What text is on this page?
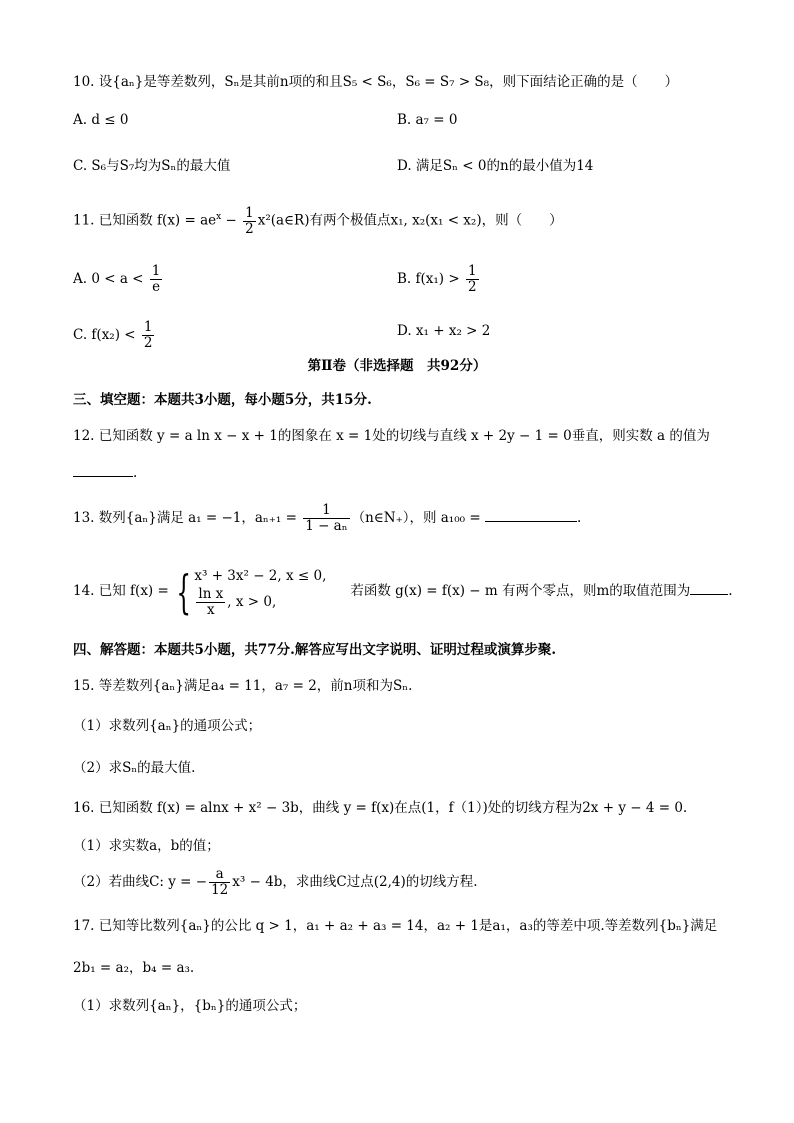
10. 设{aₙ}是等差数列，Sₙ是其前n项的和且S₅ < S₆，S₆ = S₇ > S₈，则下面结论正确的是（　　）
A. d ≤ 0	B. a₇ = 0
C. S₆与S₇均为Sₙ的最大值	D. 满足Sₙ < 0的n的最小值为14
11. 已知函数 $f(x) = ae^x - \frac{1}{2}$ x²(a∈R)有两个极值点x₁, x₂(x₁ < x₂)，则（　　）
A. $0 < a < \frac{1}{e}$	B. $f(x_1) > \frac{1}{2}$
C. $f(x_2) < \frac{1}{2}$	D. x₁ + x₂ > 2
第Ⅱ卷（非选择题　共92分）
三、填空题：本题共3小题，每小题5分，共15分.
12. 已知函数 y = a ln x − x + 1的图象在 x = 1处的切线与直线 x + 2y − 1 = 0垂直，则实数 a 的值为
.
13. 数列{aₙ}满足 a₁ = −1，$a_{n+1} = \frac{1}{\text{1 − aₙ}}$ （n∈N₊），则 a₁₀₀ =	.
14. 已知 f(x) = { x³ + 3x² − 2, x ≤ 0,
$\frac{\text{ln x}}{x}$ , x > 0,
若函数 g(x) = f(x) − m 有两个零点，则m的取值范围为	.
四、解答题：本题共5小题，共77分.解答应写出文字说明、证明过程或演算步聚.
15. 等差数列{aₙ}满足a₄ = 11，a₇ = 2，前n项和为Sₙ.
（1）求数列{aₙ}的通项公式；
（2）求Sₙ的最大值.
16. 已知函数 f(x) = alnx + x² − 3b，曲线 y = f(x)在点(1，f（1）)处的切线方程为2x + y − 4 = 0.
（1）求实数a，b的值；
（2）若曲线C: y = − $\frac{a}{12} x^3 - 4b$，求曲线C过点(2,4)的切线方程.
17. 已知等比数列{aₙ}的公比 q > 1，a₁ + a₂ + a₃ = 14，a₂ + 1是a₁，a₃的等差中项.等差数列{bₙ}满足
2b₁ = a₂，b₄ = a₃.
（1）求数列{aₙ}，{bₙ}的通项公式；
